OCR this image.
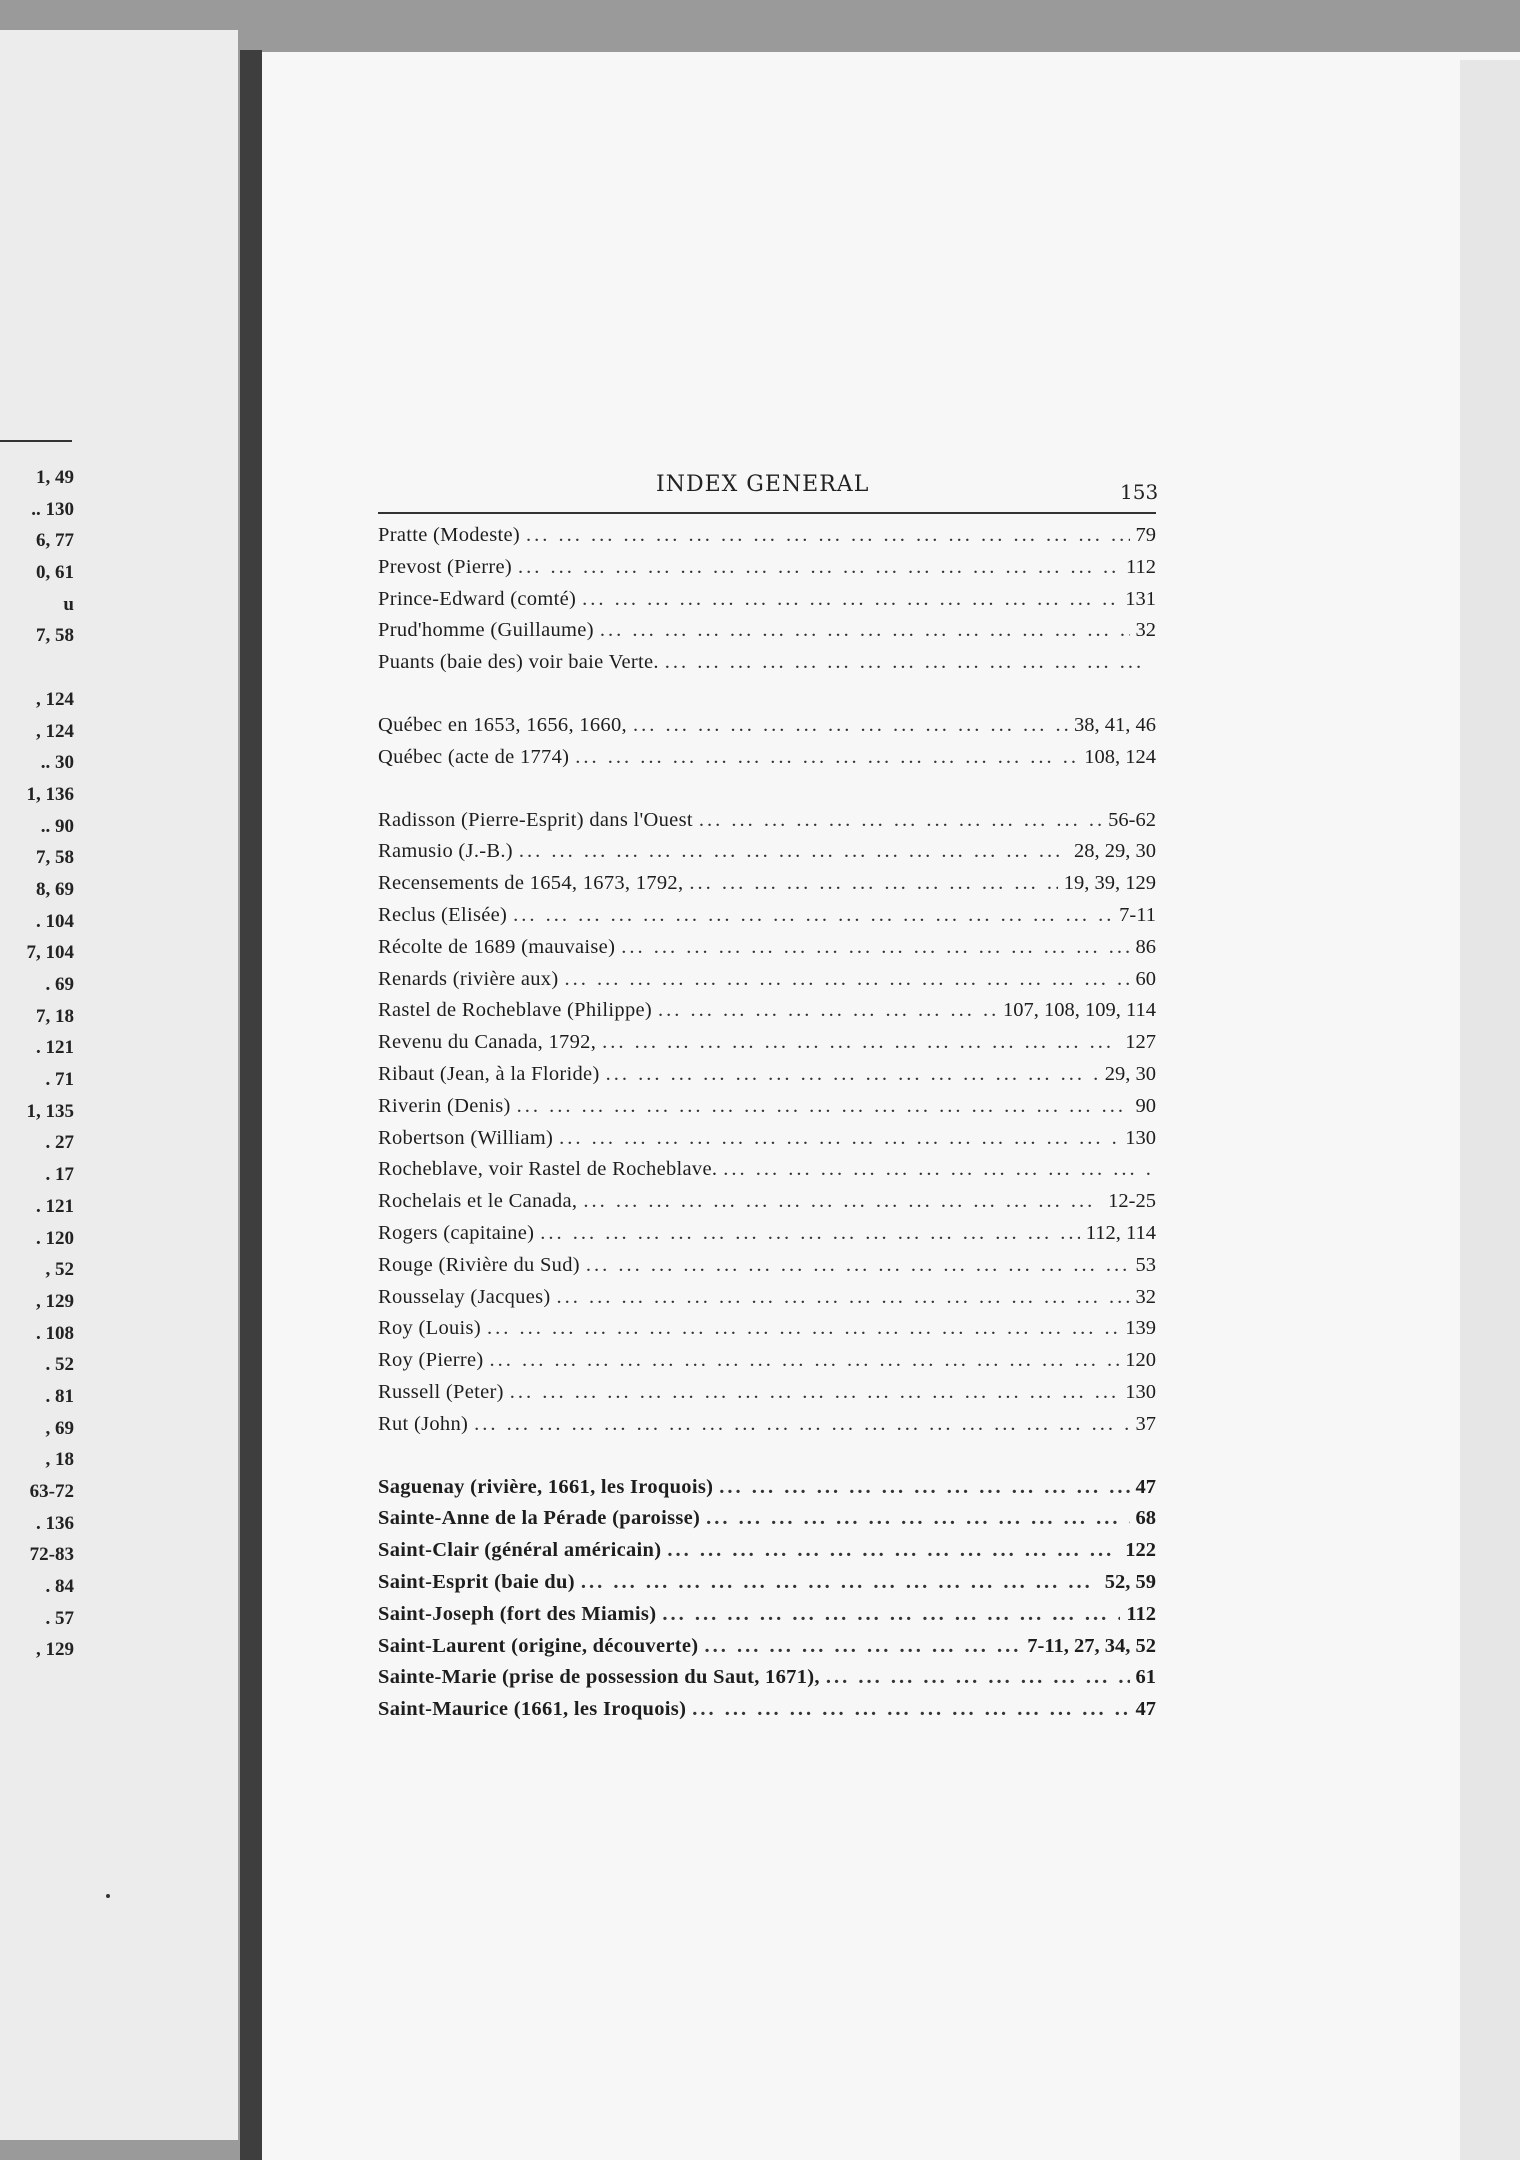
1, 49
.. 130
6, 77
0, 61
u
7, 58
, 124
, 124
.. 30
1, 136
.. 90
7, 58
8, 69
. 104
7, 104
. 69
7, 18
. 121
. 71
1, 135
. 27
. 17
. 121
. 120
, 52
, 129
. 108
. 52
. 81
, 69
, 18
63-72
. 136
72-83
. 84
. 57
, 129
INDEX GENERAL	153
Pratte (Modeste) ... .	79
Prevost (Pierre) ... .	112
Prince-Edward (comté) ... .	131
Prud'homme (Guillaume) ... .	32
Puants (baie des) voir baie Verte.
... .
Québec en 1653, 1656, 1660, ... .	38, 41, 46
Québec (acte de 1774) ... .	108, 124
Radisson (Pierre-Esprit) dans l'Ouest ... .	56-62
Ramusio (J.-B.) ... .	28, 29, 30
Recensements de 1654, 1673, 1792, ... .	19, 39, 129
Reclus (Elisée) ... .	7-11
Récolte de 1689 (mauvaise) ... .	86
Renards (rivière aux) ... .	60
Rastel de Rocheblave (Philippe) ... .	107, 108, 109, 114
Revenu du Canada, 1792, ... .	127
Ribaut (Jean, à la Floride) ... .	29, 30
Riverin (Denis) ... .	90
Robertson (William) ... .	130
Rocheblave, voir Rastel de Rocheblave.
... .
Rochelais et le Canada, ... .	12-25
Rogers (capitaine) ... .	112, 114
Rouge (Rivière du Sud) ... .	53
Rousselay (Jacques) ... .	32
Roy (Louis) ... .	139
Roy (Pierre) ... .	120
Russell (Peter) ... .	130
Rut (John) ... .	37
Saguenay (rivière, 1661, les Iroquois) ... .	47
Sainte-Anne de la Pérade (paroisse) ... .	68
Saint-Clair (général américain) ... .	122
Saint-Esprit (baie du) ... .	52, 59
Saint-Joseph (fort des Miamis) ... .	112
Saint-Laurent (origine, découverte) ... .	7-11, 27, 34, 52
Sainte-Marie (prise de possession du Saut, 1671), ... .	61
Saint-Maurice (1661, les Iroquois) ... .	47
